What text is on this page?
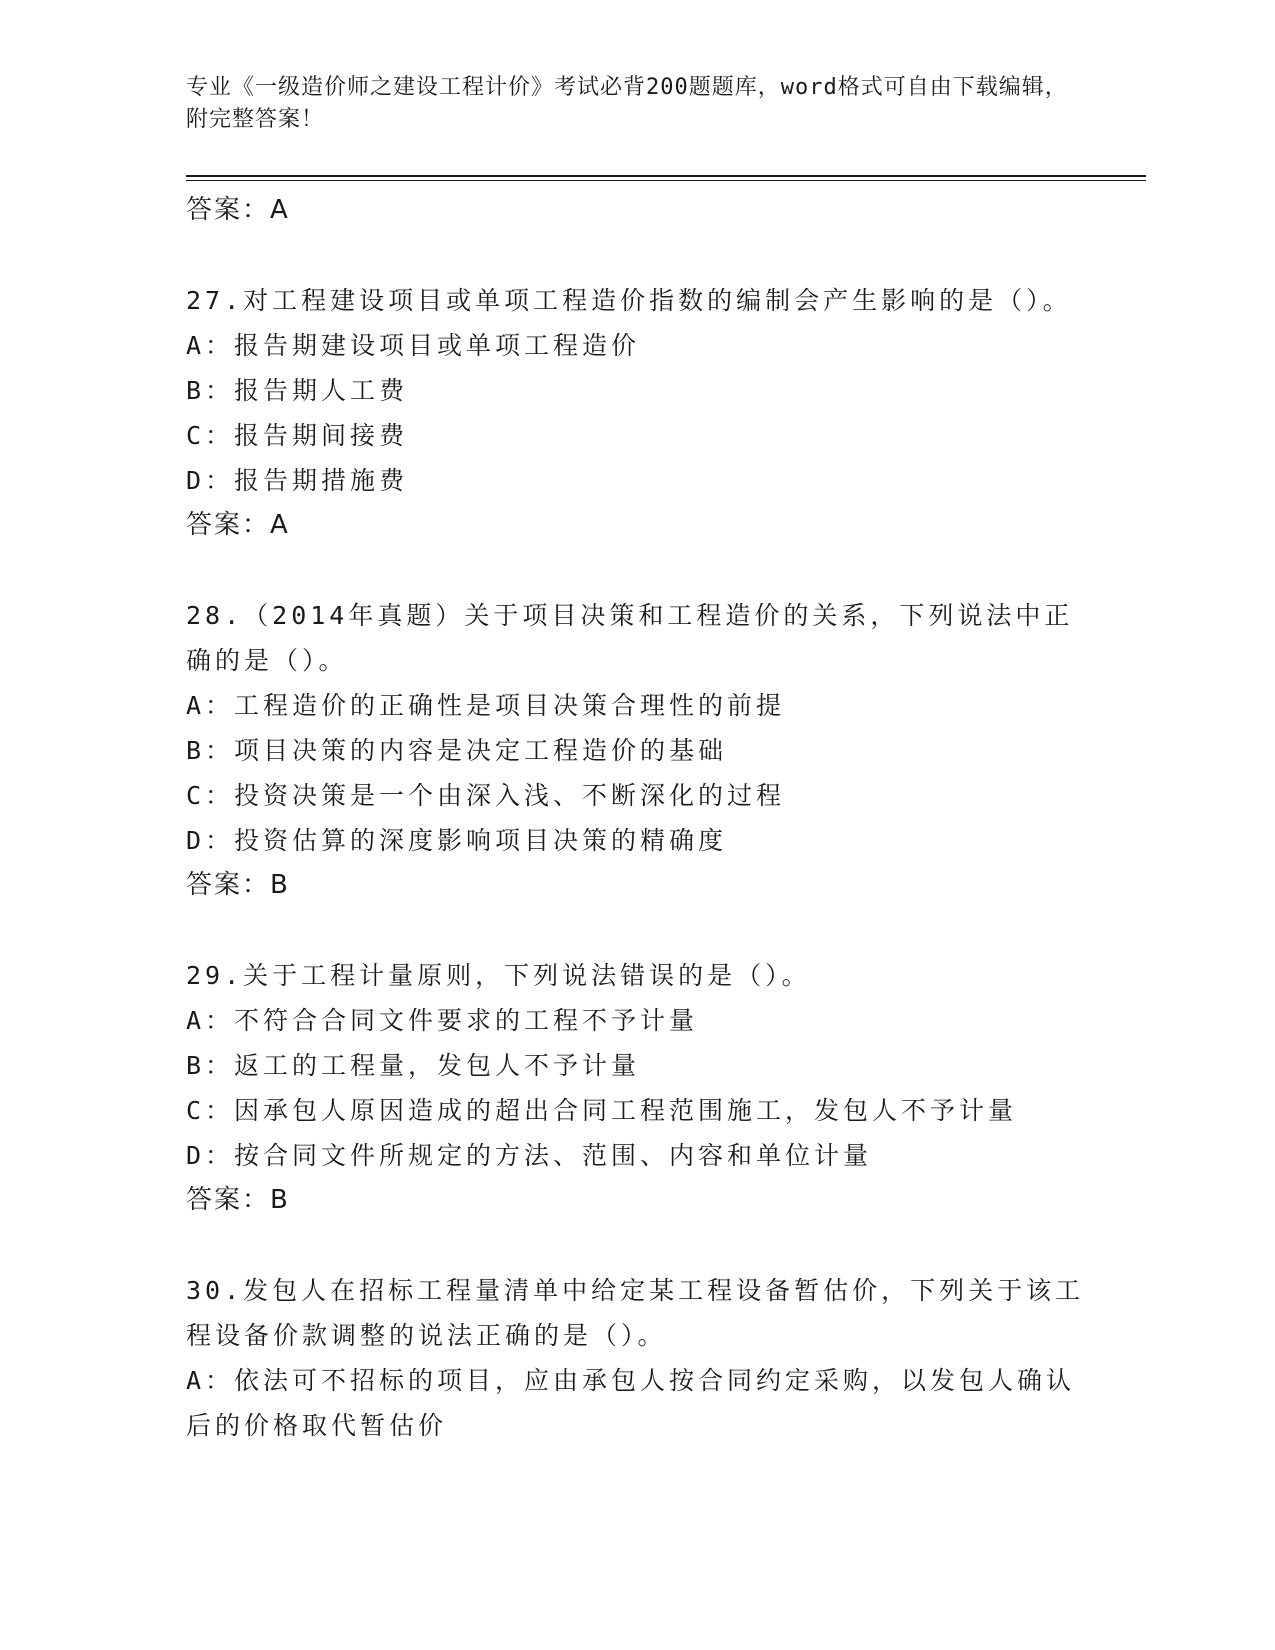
专业《一级造价师之建设工程计价》考试必背200题题库，word格式可自由下载编辑，附完整答案！

答案：A

27.对工程建设项目或单项工程造价指数的编制会产生影响的是（）。

A：报告期建设项目或单项工程造价

B：报告期人工费

C：报告期间接费

D：报告期措施费

答案：A

28.（2014年真题）关于项目决策和工程造价的关系，下列说法中正确的是（）。

A：工程造价的正确性是项目决策合理性的前提

B：项目决策的内容是决定工程造价的基础

C：投资决策是一个由深入浅、不断深化的过程

D：投资估算的深度影响项目决策的精确度

答案：B

29.关于工程计量原则，下列说法错误的是（）。

A：不符合合同文件要求的工程不予计量

B：返工的工程量，发包人不予计量

C：因承包人原因造成的超出合同工程范围施工，发包人不予计量

D：按合同文件所规定的方法、范围、内容和单位计量

答案：B

30.发包人在招标工程量清单中给定某工程设备暂估价，下列关于该工程设备价款调整的说法正确的是（）。

A：依法可不招标的项目，应由承包人按合同约定采购，以发包人确认后的价格取代暂估价
